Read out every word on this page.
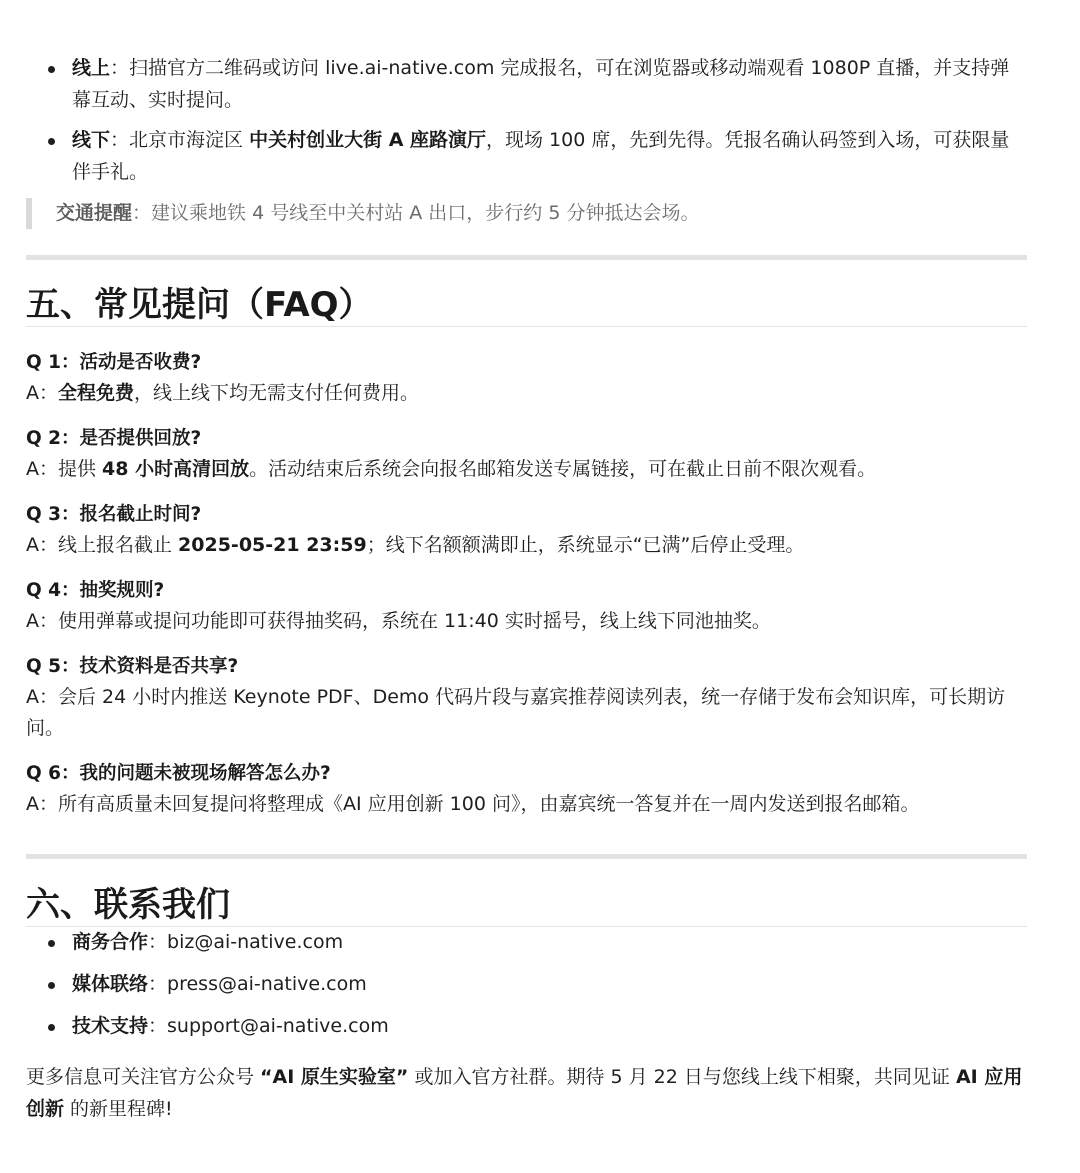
线上：扫描官方二维码或访问 live.ai-native.com 完成报名，可在浏览器或移动端观看 1080P 直播，并支持弹幕互动、实时提问。
线下：北京市海淀区 中关村创业大街 A 座路演厅，现场 100 席，先到先得。凭报名确认码签到入场，可获限量伴手礼。
交通提醒：建议乘地铁 4 号线至中关村站 A 出口，步行约 5 分钟抵达会场。
五、常见提问（FAQ）
Q 1：活动是否收费?
A：全程免费，线上线下均无需支付任何费用。
Q 2：是否提供回放?
A：提供 48 小时高清回放。活动结束后系统会向报名邮箱发送专属链接，可在截止日前不限次观看。
Q 3：报名截止时间?
A：线上报名截止 2025-05-21 23:59；线下名额额满即止，系统显示“已满”后停止受理。
Q 4：抽奖规则?
A：使用弹幕或提问功能即可获得抽奖码，系统在 11:40 实时摇号，线上线下同池抽奖。
Q 5：技术资料是否共享?
A：会后 24 小时内推送 Keynote PDF、Demo 代码片段与嘉宾推荐阅读列表，统一存储于发布会知识库，可长期访问。
Q 6：我的问题未被现场解答怎么办?
A：所有高质量未回复提问将整理成《AI 应用创新 100 问》，由嘉宾统一答复并在一周内发送到报名邮箱。
六、联系我们
商务合作：biz@ai-native.com
媒体联络：press@ai-native.com
技术支持：support@ai-native.com
更多信息可关注官方公众号 “AI 原生实验室” 或加入官方社群。期待 5 月 22 日与您线上线下相聚，共同见证 AI 应用创新 的新里程碑!
